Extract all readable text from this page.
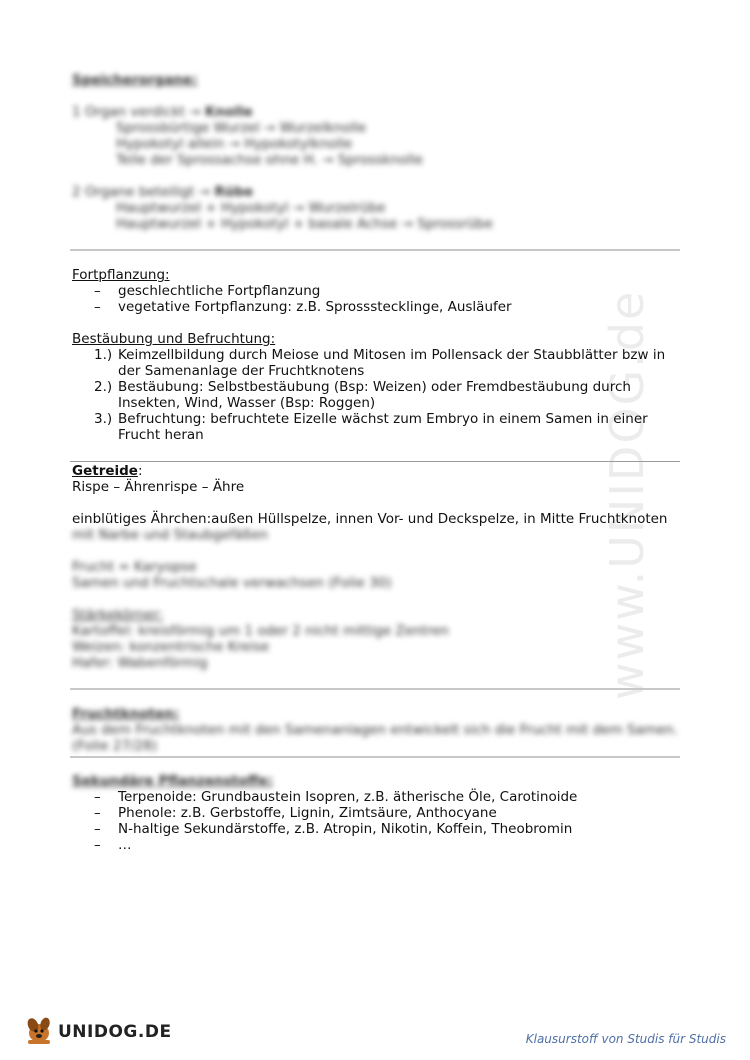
www.UNIDOG.de
Speicherorgane:
1 Organ verdickt → Knolle
Sprossbürtige Wurzel → Wurzelknolle
Hypokotyl allein → Hypokotylknolle
Teile der Sprossachse ohne H. → Sprossknolle
2 Organe beteiligt → Rübe
Hauptwurzel + Hypokotyl → Wurzelrübe
Hauptwurzel + Hypokotyl + basale Achse → Sprossrübe
Fortpflanzung:
– geschlechtliche Fortpflanzung
– vegetative Fortpflanzung: z.B. Sprossstecklinge, Ausläufer
Bestäubung und Befruchtung:
1.) Keimzellbildung durch Meiose und Mitosen im Pollensack der Staubblätter bzw in
der Samenanlage der Fruchtknotens
2.) Bestäubung: Selbstbestäubung (Bsp: Weizen) oder Fremdbestäubung durch
Insekten, Wind, Wasser (Bsp: Roggen)
3.) Befruchtung: befruchtete Eizelle wächst zum Embryo in einem Samen in einer
Frucht heran
Getreide:
Rispe – Ährenrispe – Ähre
einblütiges Ährchen:außen Hüllspelze, innen Vor- und Deckspelze, in Mitte Fruchtknoten
mit Narbe und Staubgefäßen
Frucht = Karyopse
Samen und Fruchtschale verwachsen (Folie 30)
Stärkekörner:
Kartoffel: kreisförmig um 1 oder 2 nicht mittige Zentren
Weizen: konzentrische Kreise
Hafer: Wabenförmig
Fruchtknoten:
Aus dem Fruchtknoten mit den Samenanlagen entwickelt sich die Frucht mit dem Samen.
(Folie 27/28)
Sekundäre Pflanzenstoffe:
– Terpenoide: Grundbaustein Isopren, z.B. ätherische Öle, Carotinoide
– Phenole: z.B. Gerbstoffe, Lignin, Zimtsäure, Anthocyane
– N-haltige Sekundärstoffe, z.B. Atropin, Nikotin, Koffein, Theobromin
– …
UNIDOG.DE	Klausurstoff von Studis für Studis
